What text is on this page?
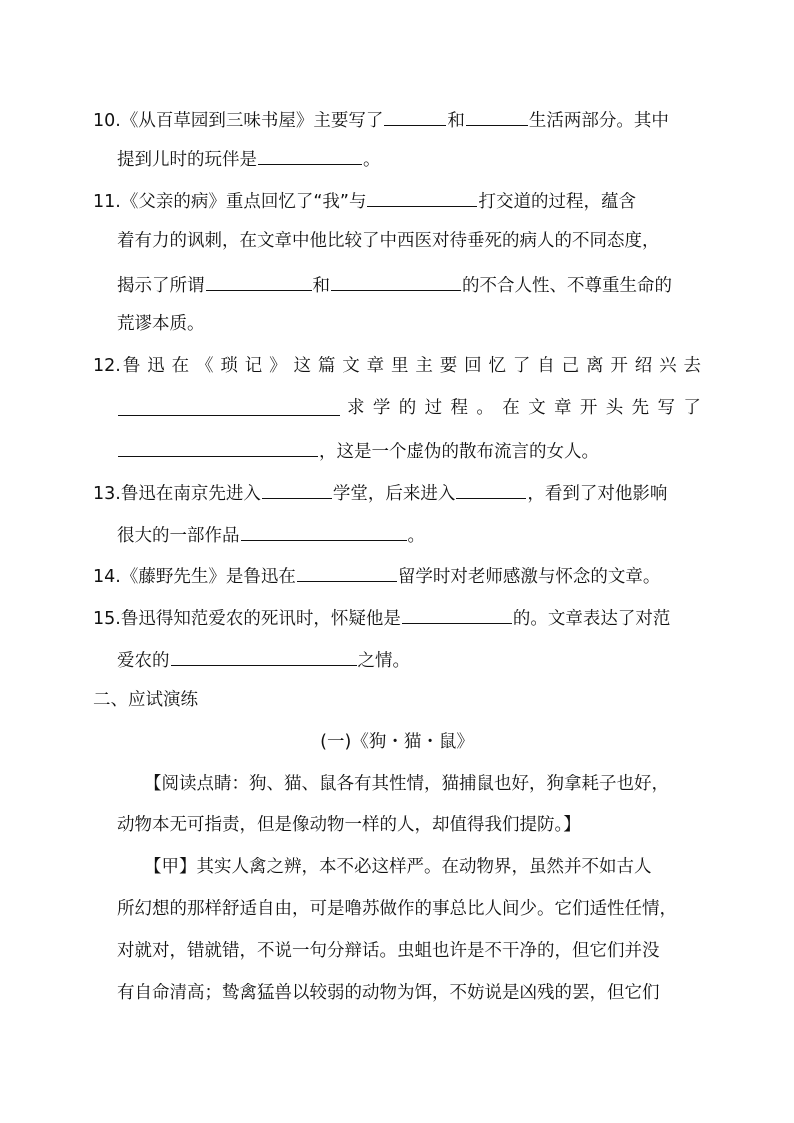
10.《从百草园到三味书屋》主要写了	和	生活两部分。其中
提到儿时的玩伴是	。
11.《父亲的病》重点回忆了“我”与	打交道的过程，蕴含
着有力的讽刺，在文章中他比较了中西医对待垂死的病人的不同态度，
揭示了所谓	和	的不合人性、不尊重生命的
荒谬本质。
12. 鲁 迅 在 《 琐 记 》 这 篇 文 章 里 主 要 回 忆 了 自 己 离 开 绍 兴 去
求 学 的 过 程 。 在 文 章 开 头 先 写 了
，这是一个虚伪的散布流言的女人。
13.鲁迅在南京先进入	学堂，后来进入	，看到了对他影响
很大的一部作品	。
14.《藤野先生》是鲁迅在	留学时对老师感激与怀念的文章。
15.鲁迅得知范爱农的死讯时，怀疑他是	的。文章表达了对范
爱农的	之情。
二、应试演练
(一)《狗・猫・鼠》
【阅读点睛：狗、猫、鼠各有其性情，猫捕鼠也好，狗拿耗子也好，
动物本无可指责，但是像动物一样的人，却值得我们提防。】
【甲】其实人禽之辨，本不必这样严。在动物界，虽然并不如古人
所幻想的那样舒适自由，可是噜苏做作的事总比人间少。它们适性任情，
对就对，错就错，不说一句分辩话。虫蛆也许是不干净的，但它们并没
有自命清高；鸷禽猛兽以较弱的动物为饵，不妨说是凶残的罢，但它们
